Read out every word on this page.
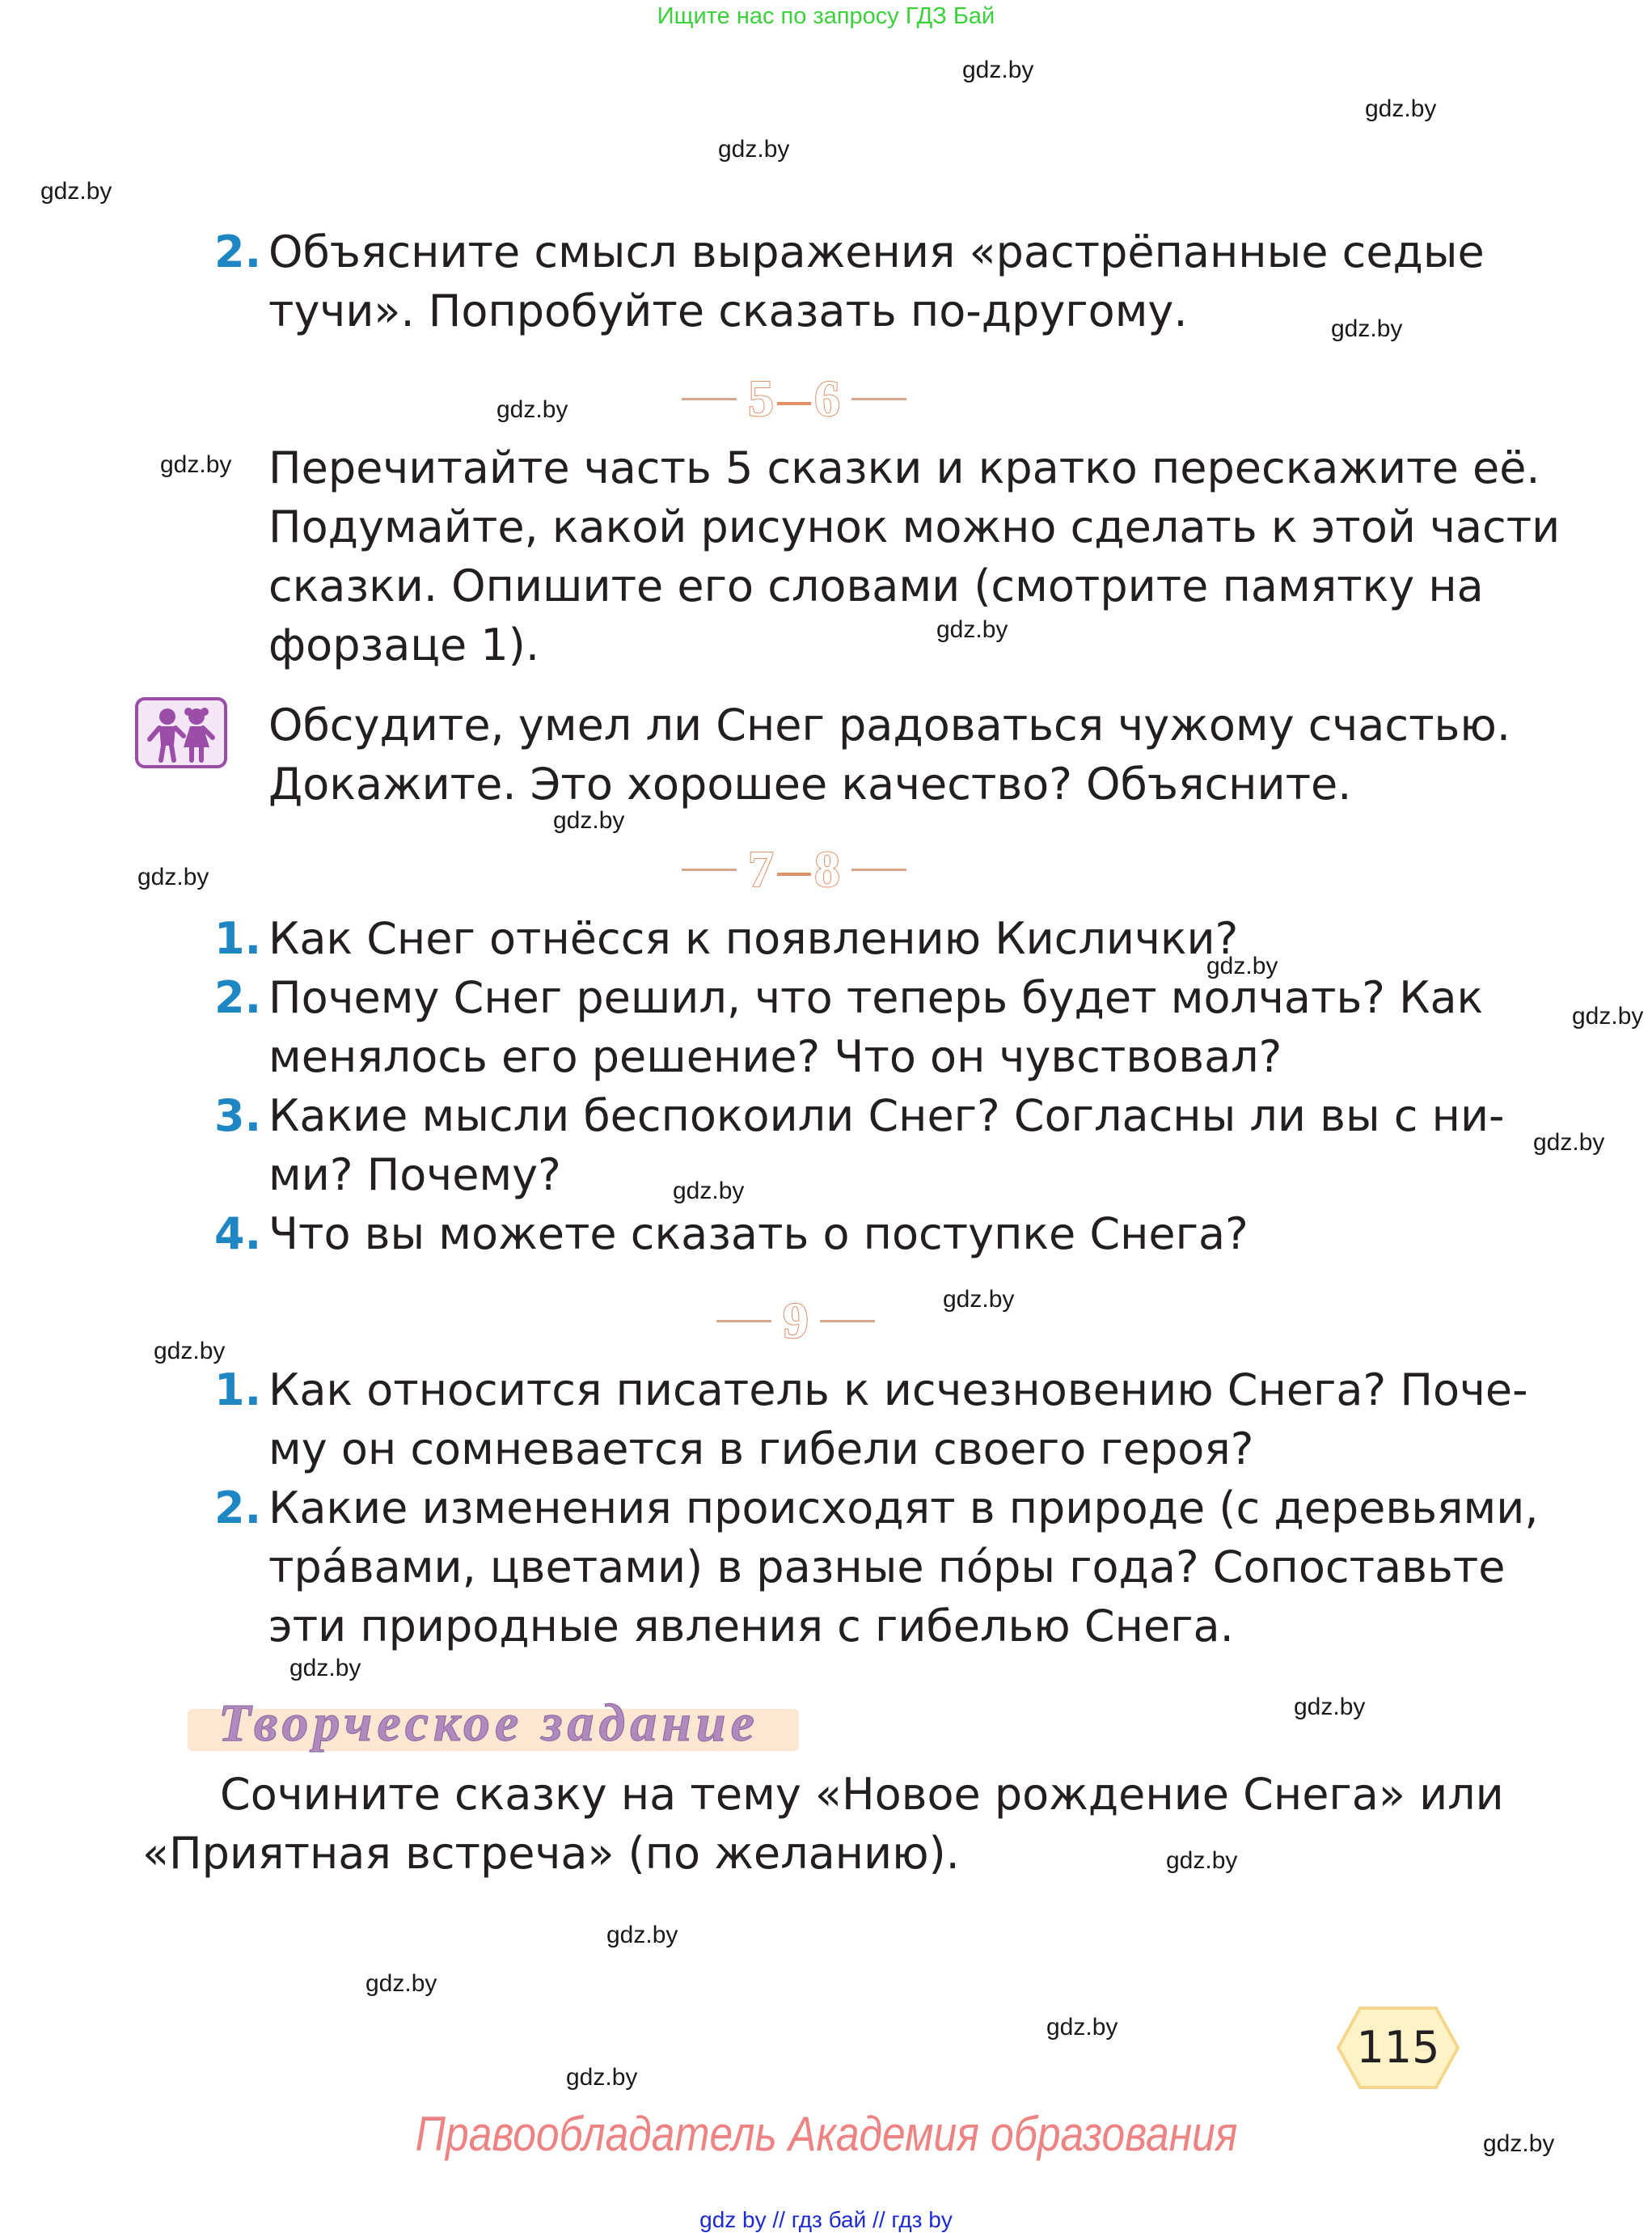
Ищите нас по запросу ГДЗ Бай
gdz.by
gdz.by
gdz.by
gdz.by
gdz.by
gdz.by
gdz.by
gdz.by
gdz.by
gdz.by
gdz.by
gdz.by
gdz.by
gdz.by
gdz.by
gdz.by
gdz.by
gdz.by
gdz.by
gdz.by
gdz.by
gdz.by
gdz.by
gdz.by
2. Объясните смысл выражения «растрёпанные седые
тучи». Попробуйте сказать по-другому.
5 6
Перечитайте часть 5 сказки и кратко перескажите её.
Подумайте, какой рисунок можно сделать к этой части
сказки. Опишите его словами (смотрите памятку на
форзаце 1).
Обсудите, умел ли Снег радоваться чужому счастью.
Докажите. Это хорошее качество? Объясните.
7 8
1. Как Снег отнёсся к появлению Кислички?
2. Почему Снег решил, что теперь будет молчать? Как
менялось его решение? Что он чувствовал?
3. Какие мысли беспокоили Снег? Согласны ли вы с ни-
ми? Почему?
4. Что вы можете сказать о поступке Снега?
9
1. Как относится писатель к исчезновению Снега? Поче-
му он сомневается в гибели своего героя?
2. Какие изменения происходят в природе (с деревьями,
тра́вами, цветами) в разные по́ры года? Сопоставьте
эти природные явления с гибелью Снега.
Творческое задание
Сочините сказку на тему «Новое рождение Снега» или
«Приятная встреча» (по желанию).
115
Правообладатель Академия образования
gdz by // гдз бай // гдз by
